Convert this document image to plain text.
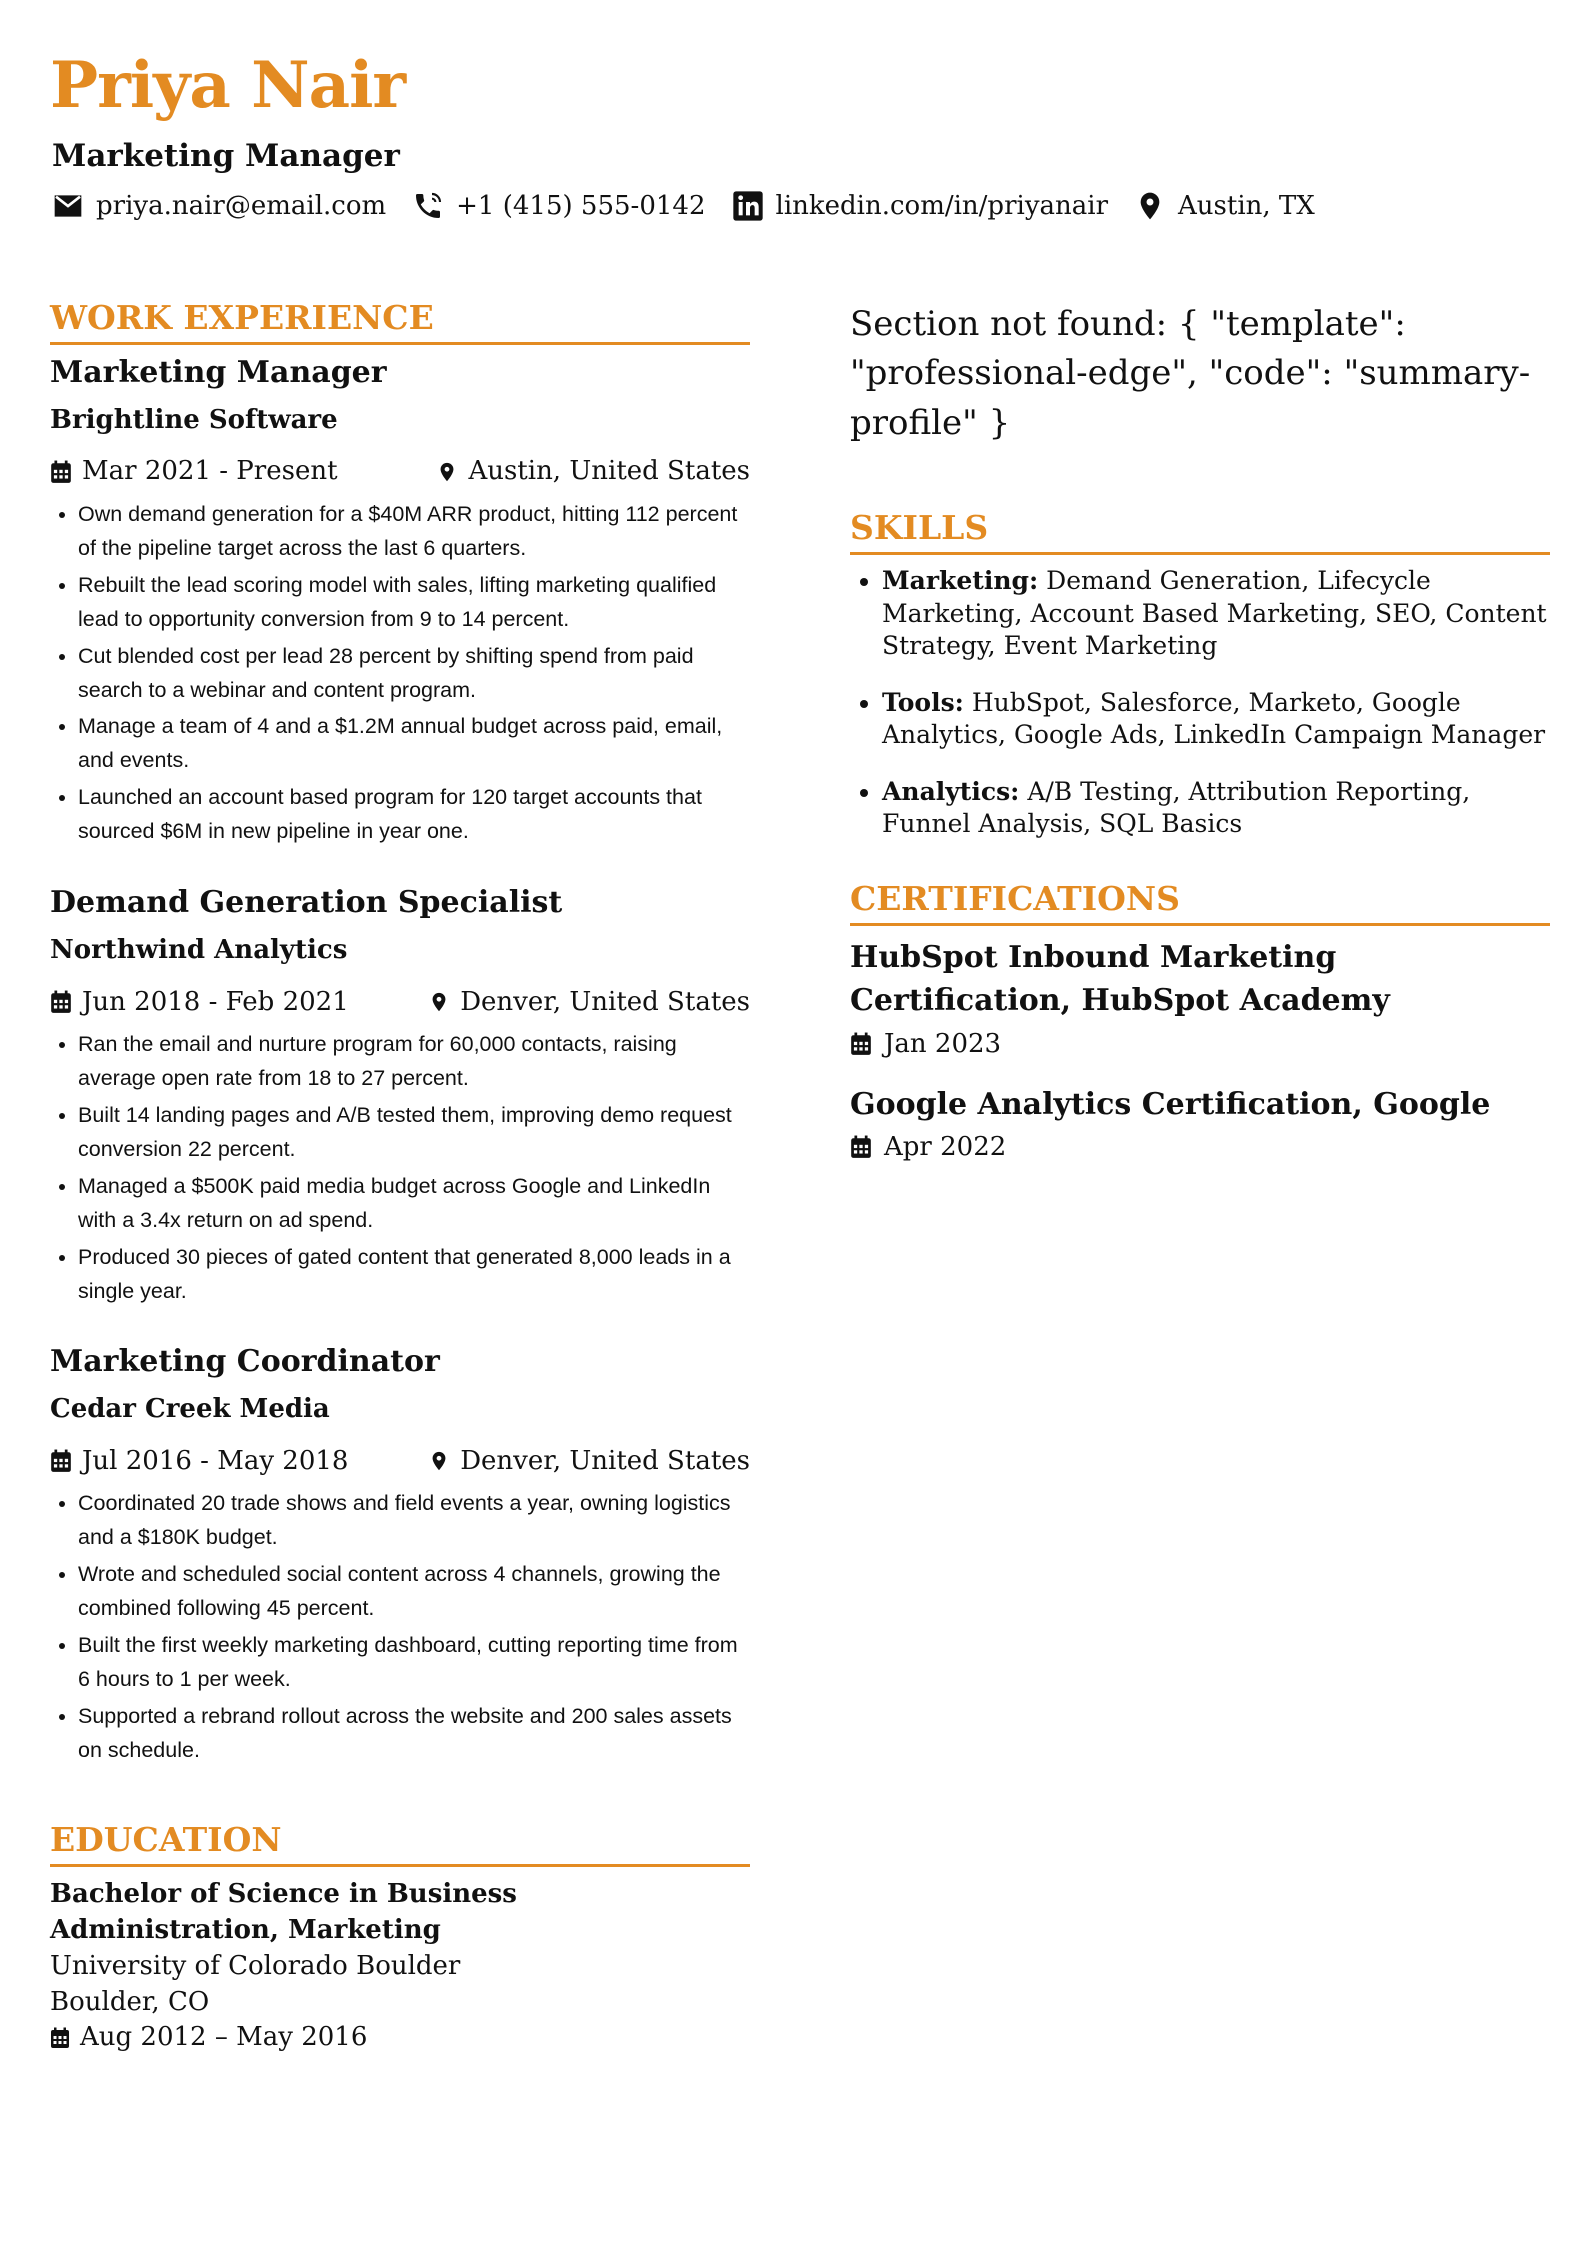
Priya Nair
Marketing Manager
priya.nair@email.com	+1 (415) 555-0142	linkedin.com/in/priyanair	Austin, TX
WORK EXPERIENCE
Marketing Manager
Brightline Software
Mar 2021 - Present	Austin, United States
• Own demand generation for a $40M ARR product, hitting 112 percent of the pipeline target across the last 6 quarters.
• Rebuilt the lead scoring model with sales, lifting marketing qualified lead to opportunity conversion from 9 to 14 percent.
• Cut blended cost per lead 28 percent by shifting spend from paid search to a webinar and content program.
• Manage a team of 4 and a $1.2M annual budget across paid, email, and events.
• Launched an account based program for 120 target accounts that sourced $6M in new pipeline in year one.
Demand Generation Specialist
Northwind Analytics
Jun 2018 - Feb 2021	Denver, United States
• Ran the email and nurture program for 60,000 contacts, raising average open rate from 18 to 27 percent.
• Built 14 landing pages and A/B tested them, improving demo request conversion 22 percent.
• Managed a $500K paid media budget across Google and LinkedIn with a 3.4x return on ad spend.
• Produced 30 pieces of gated content that generated 8,000 leads in a single year.
Marketing Coordinator
Cedar Creek Media
Jul 2016 - May 2018	Denver, United States
• Coordinated 20 trade shows and field events a year, owning logistics and a $180K budget.
• Wrote and scheduled social content across 4 channels, growing the combined following 45 percent.
• Built the first weekly marketing dashboard, cutting reporting time from 6 hours to 1 per week.
• Supported a rebrand rollout across the website and 200 sales assets on schedule.
EDUCATION
Bachelor of Science in Business Administration, Marketing
University of Colorado Boulder
Boulder, CO
Aug 2012 – May 2016
Section not found: { "template": "professional-edge", "code": "summary-profile" }
SKILLS
• Marketing: Demand Generation, Lifecycle Marketing, Account Based Marketing, SEO, Content Strategy, Event Marketing
• Tools: HubSpot, Salesforce, Marketo, Google Analytics, Google Ads, LinkedIn Campaign Manager
• Analytics: A/B Testing, Attribution Reporting, Funnel Analysis, SQL Basics
CERTIFICATIONS
HubSpot Inbound Marketing Certification, HubSpot Academy
Jan 2023
Google Analytics Certification, Google
Apr 2022
